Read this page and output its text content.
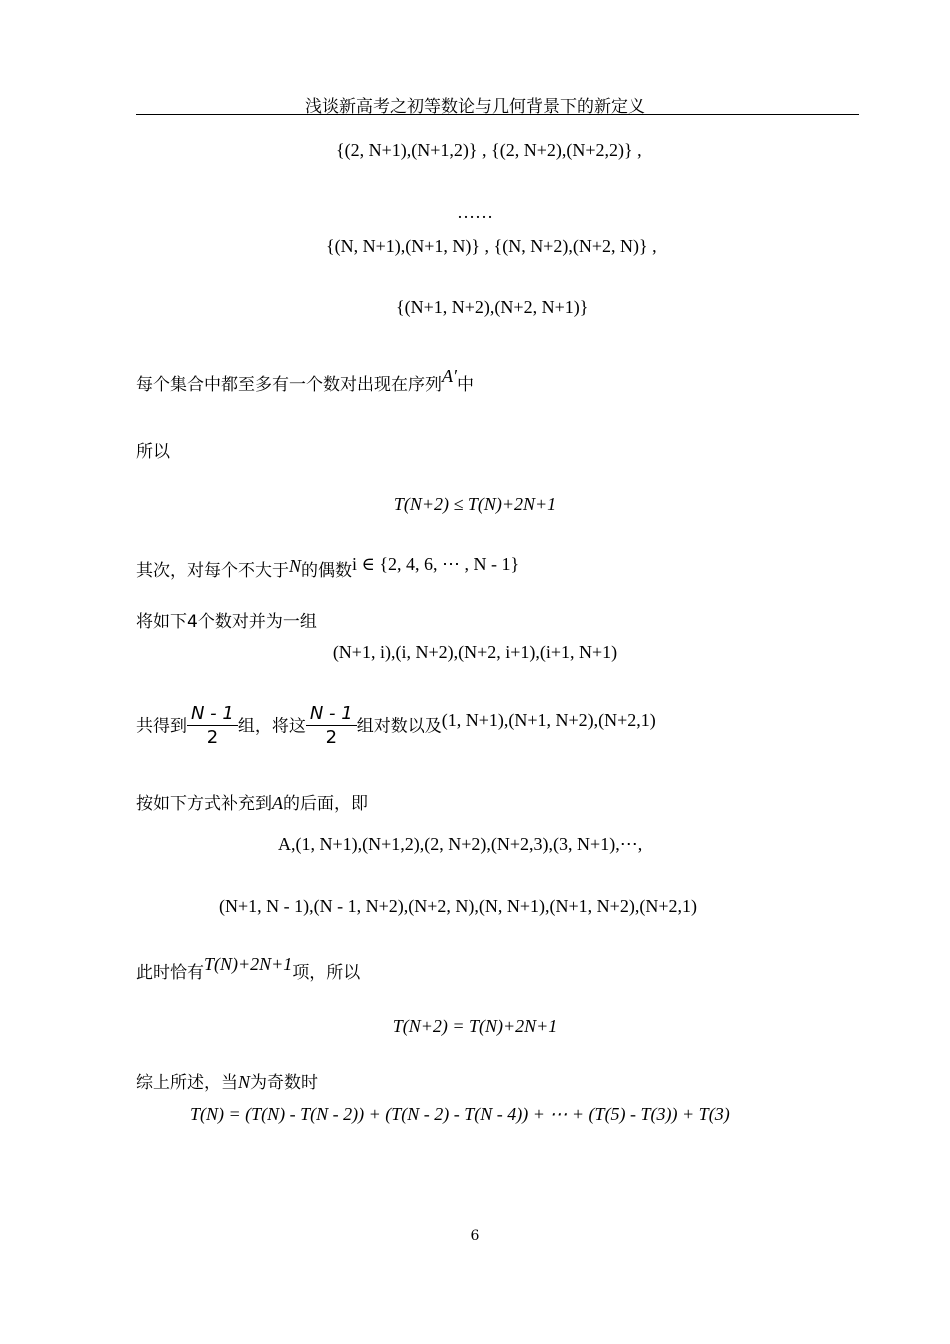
浅谈新高考之初等数论与几何背景下的新定义
{(2, N+1),(N+1,2)} , {(2, N+2),(N+2,2)} ,
……
{(N, N+1),(N+1, N)} , {(N, N+2),(N+2, N)} ,
{(N+1, N+2),(N+2, N+1)}
每个集合中都至多有一个数对出现在序列A′中
所以
T(N+2) ≤ T(N)+2N+1
其次，对每个不大于N的偶数i ∈ {2, 4, 6, ⋯ , N - 1}
将如下4个数对并为一组
(N+1, i),(i, N+2),(N+2, i+1),(i+1, N+1)
共得到 $\frac{N - 1}{2}$ 组，将这 $\frac{N - 1}{2}$ 组对数以及(1, N+1),(N+1, N+2),(N+2,1)
按如下方式补充到A的后面，即
A,(1, N+1),(N+1,2),(2, N+2),(N+2,3),(3, N+1),⋯,
(N+1, N - 1),(N - 1, N+2),(N+2, N),(N, N+1),(N+1, N+2),(N+2,1)
此时恰有T(N)+2N+1项，所以
T(N+2) = T(N)+2N+1
综上所述，当N为奇数时
T(N) = (T(N) - T(N - 2)) + (T(N - 2) - T(N - 4)) + ⋯ + (T(5) - T(3)) + T(3)
6
